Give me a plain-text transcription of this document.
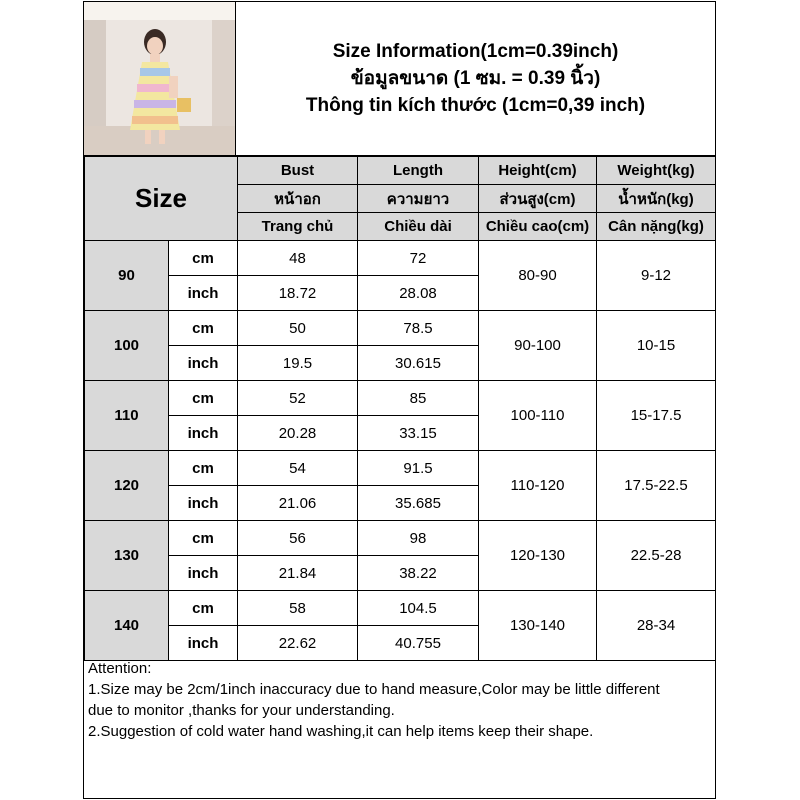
Size Information(1cm=0.39inch)
ข้อมูลขนาด (1 ซม. = 0.39 นิ้ว)
Thông tin kích thước (1cm=0,39 inch)
Size		Bust	Length	Height(cm)	Weight(kg)
		หน้าอก	ความยาว	ส่วนสูง(cm)	น้ำหนัก(kg)
		Trang chủ	Chiều dài	Chiều cao(cm)	Cân nặng(kg)
90	cm	48	72	80-90	9-12
	inch	18.72	28.08		
100	cm	50	78.5	90-100	10-15
	inch	19.5	30.615		
110	cm	52	85	100-110	15-17.5
	inch	20.28	33.15		
120	cm	54	91.5	110-120	17.5-22.5
	inch	21.06	35.685		
130	cm	56	98	120-130	22.5-28
	inch	21.84	38.22		
140	cm	58	104.5	130-140	28-34
	inch	22.62	40.755		
Attention:
1.Size may be 2cm/1inch inaccuracy due to hand measure,Color may be little different
due to monitor ,thanks for your understanding.
2.Suggestion of cold water hand washing,it can help items keep their shape.
